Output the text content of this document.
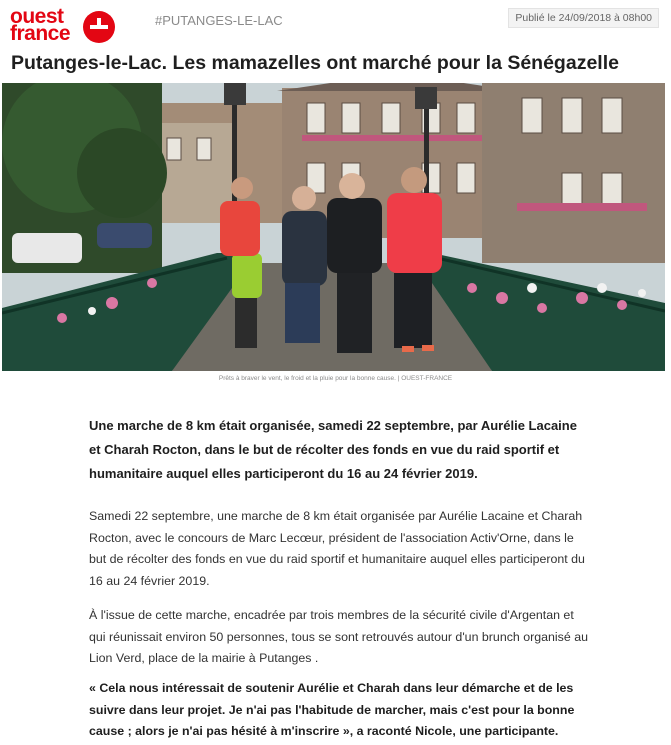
ouest
france
#PUTANGES-LE-LAC	Publié le 24/09/2018 à 08h00
Putanges-le-Lac. Les mamazelles ont marché pour la Sénégazelle
Prêts à braver le vent, le froid et la pluie pour la bonne cause. | OUEST-FRANCE

Une marche de 8 km était organisée, samedi 22 septembre, par Aurélie Lacaine et Charah Rocton, dans le but de récolter des fonds en vue du raid sportif et humanitaire auquel elles participeront du 16 au 24 février 2019.

Samedi 22 septembre, une marche de 8 km était organisée par Aurélie Lacaine et Charah Rocton, avec le concours de Marc Lecœur, président de l'association Activ'Orne, dans le but de récolter des fonds en vue du raid sportif et humanitaire auquel elles participeront du 16 au 24 février 2019.

À l'issue de cette marche, encadrée par trois membres de la sécurité civile d'Argentan et qui réunissait environ 50 personnes, tous se sont retrouvés autour d'un brunch organisé au Lion Verd, place de la mairie à Putanges .

« Cela nous intéressait de soutenir Aurélie et Charah dans leur démarche et de les suivre dans leur projet. Je n'ai pas l'habitude de marcher, mais c'est pour la bonne cause ; alors je n'ai pas hésité à m'inscrire », a raconté Nicole, une participante.
